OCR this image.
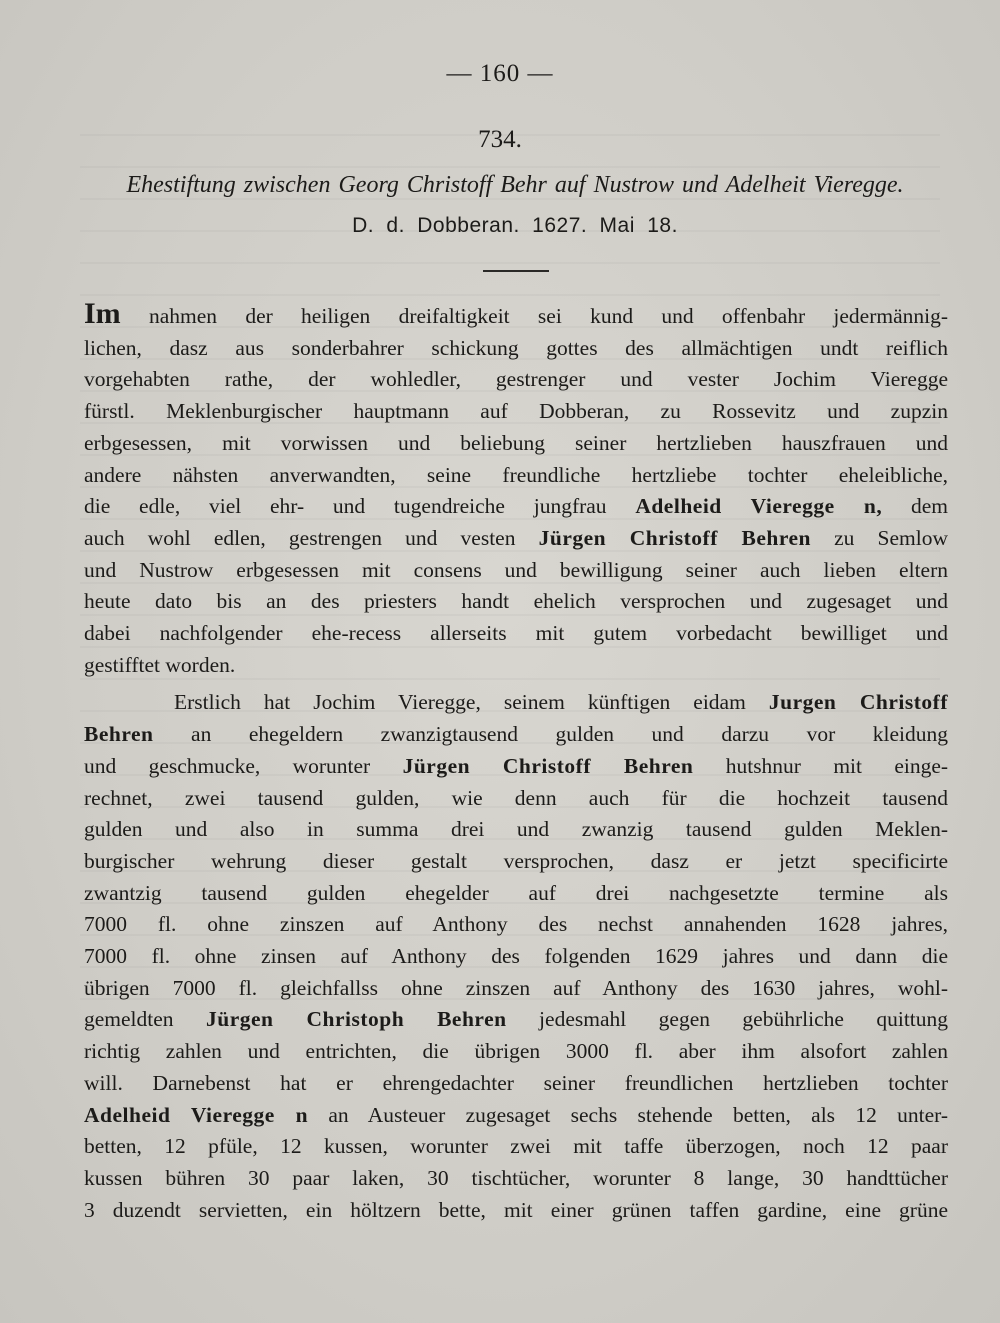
— 160 —
734.
Ehestiftung zwischen Georg Christoff Behr auf Nustrow und Adelheit Vieregge.
D. d. Dobberan. 1627. Mai 18.

Im nahmen der heiligen dreifaltigkeit sei kund und offenbahr jedermännig-
lichen, dasz aus sonderbahrer schickung gottes des allmächtigen undt reiflich
vorgehabten rathe, der wohledler, gestrenger und vester Jochim Vieregge
fürstl. Meklenburgischer hauptmann auf Dobberan, zu Rossevitz und zupzin
erbgesessen, mit vorwissen und beliebung seiner hertzlieben hauszfrauen und
andere nähsten anverwandten, seine freundliche hertzliebe tochter eheleibliche,
die edle, viel ehr- und tugendreiche jungfrau Adelheid Vieregge n, dem
auch wohl edlen, gestrengen und vesten Jürgen Christoff Behren zu Semlow
und Nustrow erbgesessen mit consens und bewilligung seiner auch lieben eltern
heute dato bis an des priesters handt ehelich versprochen und zugesaget und
dabei nachfolgender ehe-recess allerseits mit gutem vorbedacht bewilliget und

gestifftet worden.

Erstlich hat Jochim Vieregge, seinem künftigen eidam Jurgen Christoff
Behren an ehegeldern zwanzigtausend gulden und darzu vor kleidung
und geschmucke, worunter Jürgen Christoff Behren hutshnur mit einge-
rechnet, zwei tausend gulden, wie denn auch für die hochzeit tausend
gulden und also in summa drei und zwanzig tausend gulden Meklen-
burgischer wehrung dieser gestalt versprochen, dasz er jetzt specificirte
zwantzig tausend gulden ehegelder auf drei nachgesetzte termine als
7000 fl. ohne zinszen auf Anthony des nechst annahenden 1628 jahres,
7000 fl. ohne zinsen auf Anthony des folgenden 1629 jahres und dann die
übrigen 7000 fl. gleichfallss ohne zinszen auf Anthony des 1630 jahres, wohl-
gemeldten Jürgen Christoph Behren jedesmahl gegen gebührliche quittung
richtig zahlen und entrichten, die übrigen 3000 fl. aber ihm alsofort zahlen
will. Darnebenst hat er ehrengedachter seiner freundlichen hertzlieben tochter
Adelheid Vieregge n an Austeuer zugesaget sechs stehende betten, als 12 unter-
betten, 12 pfüle, 12 kussen, worunter zwei mit taffe überzogen, noch 12 paar
kussen bühren 30 paar laken, 30 tischtücher, worunter 8 lange, 30 handttücher
3 duzendt servietten, ein höltzern bette, mit einer grünen taffen gardine, eine grüne
